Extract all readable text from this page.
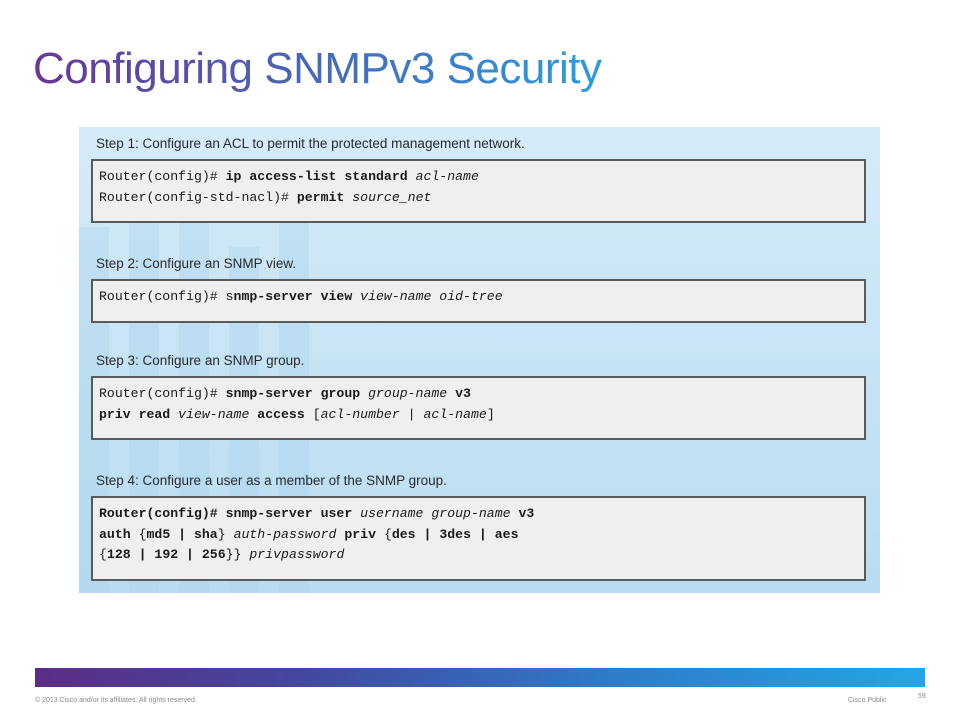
Configuring SNMPv3 Security
Step 1: Configure an ACL to permit the protected management network.
Router(config)# ip access-list standard acl-name
Router(config-std-nacl)# permit source_net
Step 2: Configure an SNMP view.
Router(config)# snmp-server view view-name oid-tree
Step 3: Configure an SNMP group.
Router(config)# snmp-server group group-name v3
priv read view-name access [acl-number | acl-name]
Step 4: Configure a user as a member of the SNMP group.
Router(config)# snmp-server user username group-name v3
auth {md5 | sha} auth-password priv {des | 3des | aes
{128 | 192 | 256}} privpassword
© 2013 Cisco and/or its affiliates. All rights reserved.	Cisco Public
59
